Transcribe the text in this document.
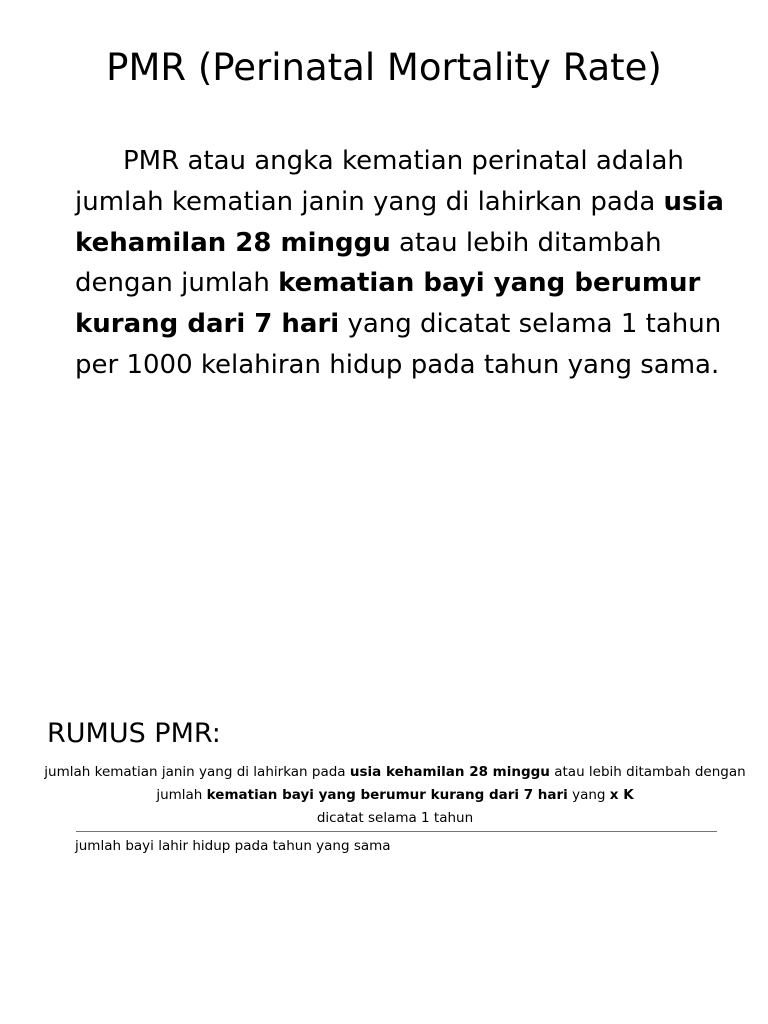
PMR (Perinatal Mortality Rate)

PMR atau angka kematian perinatal adalah jumlah kematian janin yang di lahirkan pada usia kehamilan 28 minggu atau lebih ditambah dengan jumlah kematian bayi yang berumur kurang dari 7 hari yang dicatat selama 1 tahun per 1000 kelahiran hidup pada tahun yang sama.

RUMUS PMR:

jumlah kematian janin yang di lahirkan pada usia kehamilan 28 minggu atau lebih ditambah dengan jumlah kematian bayi yang berumur kurang dari 7 hari yang x K
dicatat selama 1 tahun

jumlah bayi lahir hidup pada tahun yang sama
